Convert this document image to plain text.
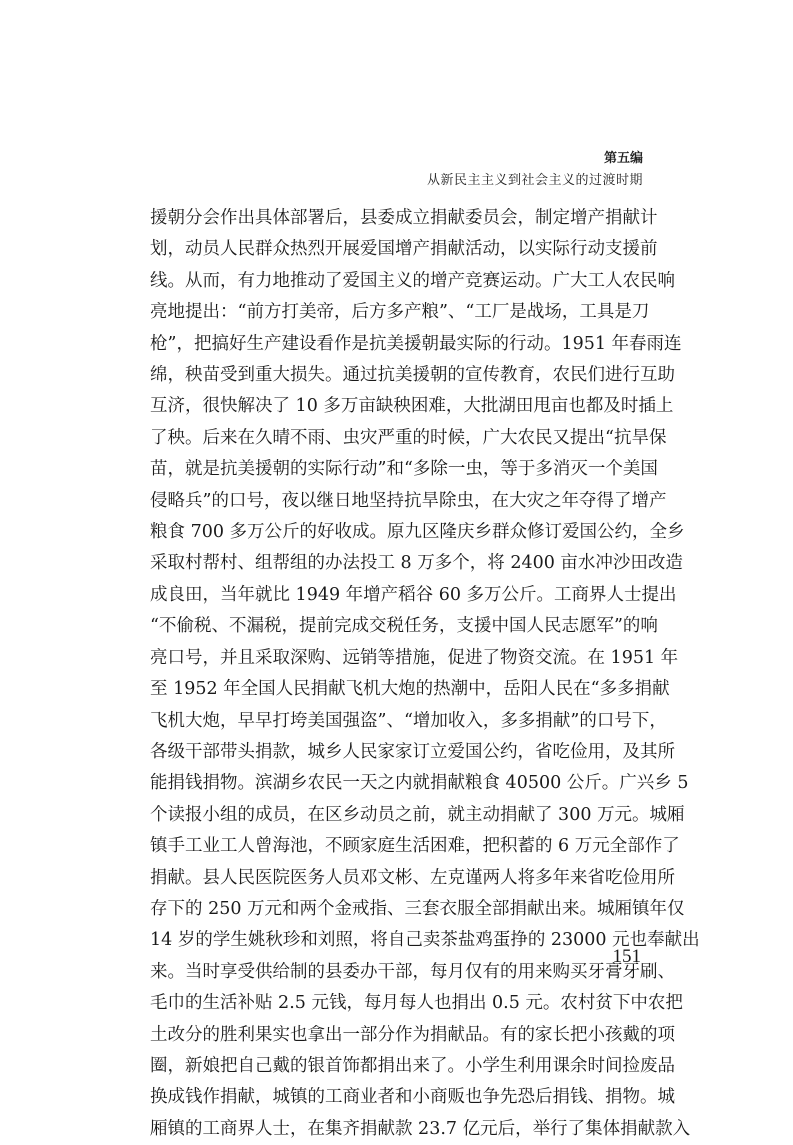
第五编
从新民主主义到社会主义的过渡时期
援朝分会作出具体部署后，县委成立捐献委员会，制定增产捐献计
划，动员人民群众热烈开展爱国增产捐献活动，以实际行动支援前
线。从而，有力地推动了爱国主义的增产竞赛运动。广大工人农民响
亮地提出：“前方打美帝，后方多产粮”、“工厂是战场，工具是刀
枪”，把搞好生产建设看作是抗美援朝最实际的行动。1951 年春雨连
绵，秧苗受到重大损失。通过抗美援朝的宣传教育，农民们进行互助
互济，很快解决了 10 多万亩缺秧困难，大批湖田甩亩也都及时插上
了秧。后来在久晴不雨、虫灾严重的时候，广大农民又提出“抗旱保
苗，就是抗美援朝的实际行动”和“多除一虫，等于多消灭一个美国
侵略兵”的口号，夜以继日地坚持抗旱除虫，在大灾之年夺得了增产
粮食 700 多万公斤的好收成。原九区隆庆乡群众修订爱国公约，全乡
采取村帮村、组帮组的办法投工 8 万多个，将 2400 亩水冲沙田改造
成良田，当年就比 1949 年增产稻谷 60 多万公斤。工商界人士提出
“不偷税、不漏税，提前完成交税任务，支援中国人民志愿军”的响
亮口号，并且采取深购、远销等措施，促进了物资交流。在 1951 年
至 1952 年全国人民捐献飞机大炮的热潮中，岳阳人民在“多多捐献
飞机大炮，早早打垮美国强盗”、“增加收入，多多捐献”的口号下，
各级干部带头捐款，城乡人民家家订立爱国公约，省吃俭用，及其所
能捐钱捐物。滨湖乡农民一天之内就捐献粮食 40500 公斤。广兴乡 5
个读报小组的成员，在区乡动员之前，就主动捐献了 300 万元。城厢
镇手工业工人曾海池，不顾家庭生活困难，把积蓄的 6 万元全部作了
捐献。县人民医院医务人员邓文彬、左克谨两人将多年来省吃俭用所
存下的 250 万元和两个金戒指、三套衣服全部捐献出来。城厢镇年仅
14 岁的学生姚秋珍和刘照，将自己卖茶盐鸡蛋挣的 23000 元也奉献出
来。当时享受供给制的县委办干部，每月仅有的用来购买牙膏牙刷、
毛巾的生活补贴 2.5 元钱，每月每人也捐出 0.5 元。农村贫下中农把
土改分的胜利果实也拿出一部分作为捐献品。有的家长把小孩戴的项
圈，新娘把自己戴的银首饰都捐出来了。小学生利用课余时间捡废品
换成钱作捐献，城镇的工商业者和小商贩也争先恐后捐钱、捐物。城
厢镇的工商界人士，在集齐捐献款 23.7 亿元后，举行了集体捐献款入
151
